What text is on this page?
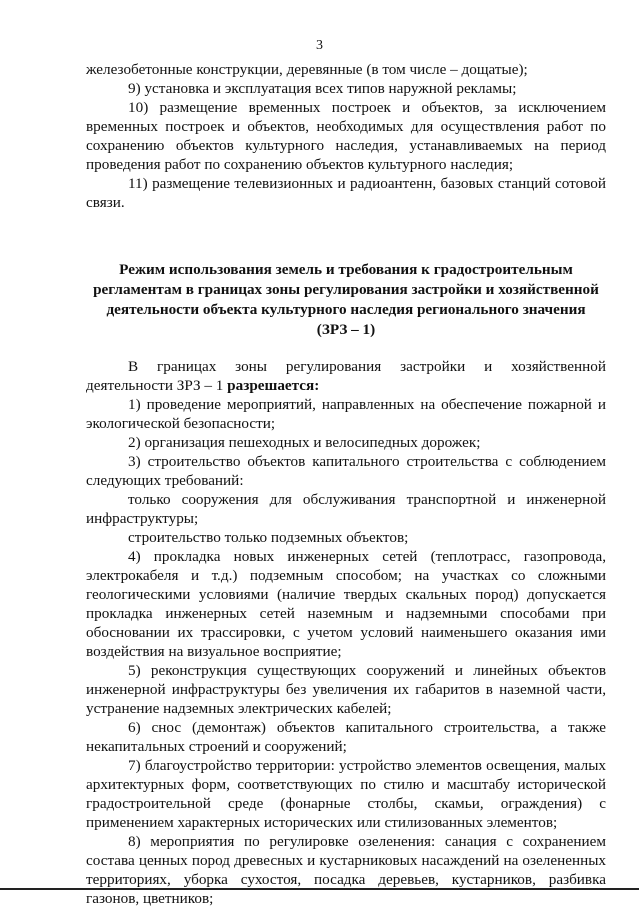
3

железобетонные конструкции, деревянные (в том числе – дощатые);

9) установка и эксплуатация всех типов наружной рекламы;

10) размещение временных построек и объектов, за исключением временных построек и объектов, необходимых для осуществления работ по сохранению объектов культурного наследия, устанавливаемых на период проведения работ по сохранению объектов культурного наследия;

11) размещение телевизионных и радиоантенн, базовых станций сотовой связи.

Режим использования земель и требования к градостроительным
регламентам в границах зоны регулирования застройки и хозяйственной
деятельности объекта культурного наследия регионального значения
(ЗРЗ – 1)

В границах зоны регулирования застройки и хозяйственной деятельности ЗРЗ – 1 разрешается:

1) проведение мероприятий, направленных на обеспечение пожарной и экологической безопасности;

2) организация пешеходных и велосипедных дорожек;

3) строительство объектов капитального строительства с соблюдением следующих требований:

только сооружения для обслуживания транспортной и инженерной инфраструктуры;

строительство только подземных объектов;

4) прокладка новых инженерных сетей (теплотрасс, газопровода, электрокабеля и т.д.) подземным способом; на участках со сложными геологическими условиями (наличие твердых скальных пород) допускается прокладка инженерных сетей наземным и надземными способами при обосновании их трассировки, с учетом условий наименьшего оказания ими воздействия на визуальное восприятие;

5) реконструкция существующих сооружений и линейных объектов инженерной инфраструктуры без увеличения их габаритов в наземной части, устранение надземных электрических кабелей;

6) снос (демонтаж) объектов капитального строительства, а также некапитальных строений и сооружений;

7) благоустройство территории: устройство элементов освещения, малых архитектурных форм, соответствующих по стилю и масштабу исторической градостроительной среде (фонарные столбы, скамьи, ограждения) с применением характерных исторических или стилизованных элементов;

8) мероприятия по регулировке озеленения: санация с сохранением состава ценных пород древесных и кустарниковых насаждений на озелененных территориях, уборка сухостоя, посадка деревьев, кустарников, разбивка газонов, цветников;
